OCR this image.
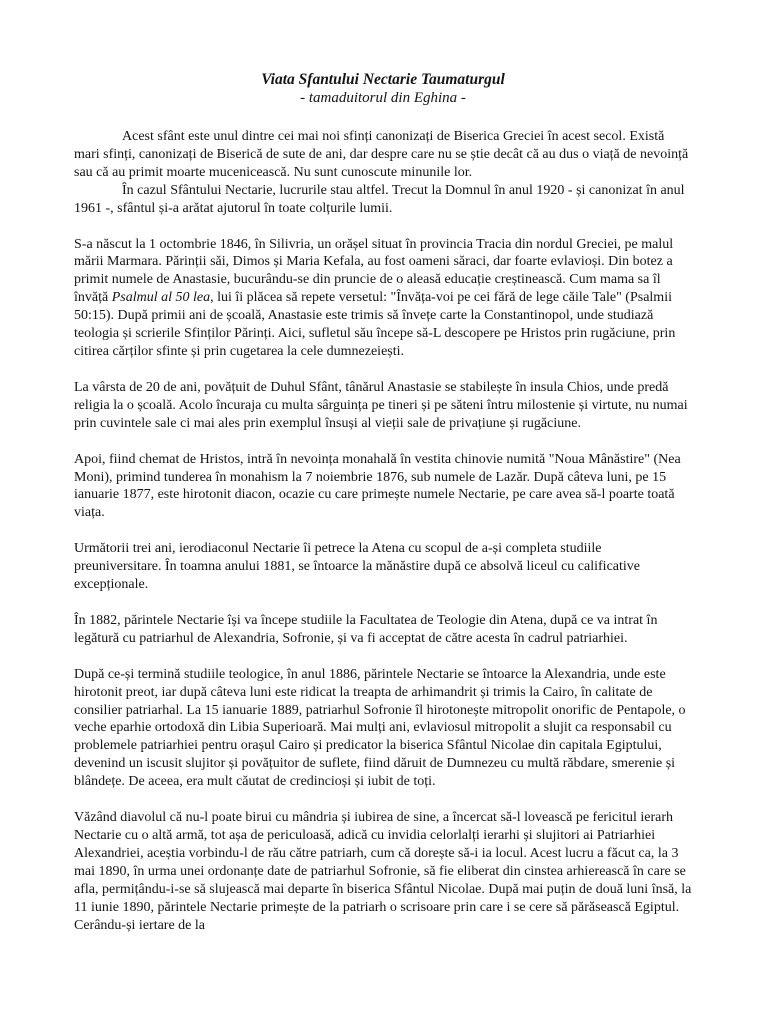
Viata Sfantului Nectarie Taumaturgul
- tamaduitorul din Eghina -

Acest sfânt este unul dintre cei mai noi sfinți canonizați de Biserica Greciei în acest secol. Există mari sfinți, canonizați de Biserică de sute de ani, dar despre care nu se știe decât că au dus o viață de nevoință sau că au primit moarte mucenicească. Nu sunt cunoscute minunile lor.

În cazul Sfântului Nectarie, lucrurile stau altfel. Trecut la Domnul în anul 1920 - și canonizat în anul 1961 -, sfântul și-a arătat ajutorul în toate colțurile lumii.

S-a născut la 1 octombrie 1846, în Silivria, un orășel situat în provincia Tracia din nordul Greciei, pe malul mării Marmara. Părinții săi, Dimos și Maria Kefala, au fost oameni săraci, dar foarte evlavioși. Din botez a primit numele de Anastasie, bucurându-se din pruncie de o aleasă educație creștinească. Cum mama sa îl învăță Psalmul al 50 lea, lui îi plăcea să repete versetul: "Învăța-voi pe cei fără de lege căile Tale" (Psalmii 50:15). După primii ani de școală, Anastasie este trimis să învețe carte la Constantinopol, unde studiază teologia și scrierile Sfinților Părinți. Aici, sufletul său începe să-L descopere pe Hristos prin rugăciune, prin citirea cărților sfinte și prin cugetarea la cele dumnezeiești.

La vârsta de 20 de ani, povățuit de Duhul Sfânt, tânărul Anastasie se stabilește în insula Chios, unde predă religia la o școală. Acolo încuraja cu multa sârguința pe tineri și pe săteni întru milostenie și virtute, nu numai prin cuvintele sale ci mai ales prin exemplul însuși al vieții sale de privațiune și rugăciune.

Apoi, fiind chemat de Hristos, intră în nevoința monahală în vestita chinovie numită "Noua Mânăstire" (Nea Moni), primind tunderea în monahism la 7 noiembrie 1876, sub numele de Lazăr. După câteva luni, pe 15 ianuarie 1877, este hirotonit diacon, ocazie cu care primește numele Nectarie, pe care avea să-l poarte toată viața.

Următorii trei ani, ierodiaconul Nectarie îi petrece la Atena cu scopul de a-și completa studiile preuniversitare. În toamna anului 1881, se întoarce la mănăstire după ce absolvă liceul cu calificative excepționale.

În 1882, părintele Nectarie își va începe studiile la Facultatea de Teologie din Atena, după ce va intrat în legătură cu patriarhul de Alexandria, Sofronie, și va fi acceptat de către acesta în cadrul patriarhiei.

După ce-și termină studiile teologice, în anul 1886, părintele Nectarie se întoarce la Alexandria, unde este hirotonit preot, iar după câteva luni este ridicat la treapta de arhimandrit și trimis la Cairo, în calitate de consilier patriarhal. La 15 ianuarie 1889, patriarhul Sofronie îl hirotonește mitropolit onorific de Pentapole, o veche eparhie ortodoxă din Libia Superioară. Mai mulți ani, evlaviosul mitropolit a slujit ca responsabil cu problemele patriarhiei pentru orașul Cairo și predicator la biserica Sfântul Nicolae din capitala Egiptului, devenind un iscusit slujitor și povățuitor de suflete, fiind dăruit de Dumnezeu cu multă răbdare, smerenie și blândețe. De aceea, era mult căutat de credincioși și iubit de toți.

Văzând diavolul că nu-l poate birui cu mândria și iubirea de sine, a încercat să-l lovească pe fericitul ierarh Nectarie cu o altă armă, tot așa de periculoasă, adică cu invidia celorlalți ierarhi și slujitori ai Patriarhiei Alexandriei, aceștia vorbindu-l de rău către patriarh, cum că dorește să-i ia locul. Acest lucru a făcut ca, la 3 mai 1890, în urma unei ordonanțe date de patriarhul Sofronie, să fie eliberat din cinstea arhierească în care se afla, permițându-i-se să slujească mai departe în biserica Sfântul Nicolae. După mai puțin de două luni însă, la 11 iunie 1890, părintele Nectarie primește de la patriarh o scrisoare prin care i se cere să părăsească Egiptul. Cerându-și iertare de la
